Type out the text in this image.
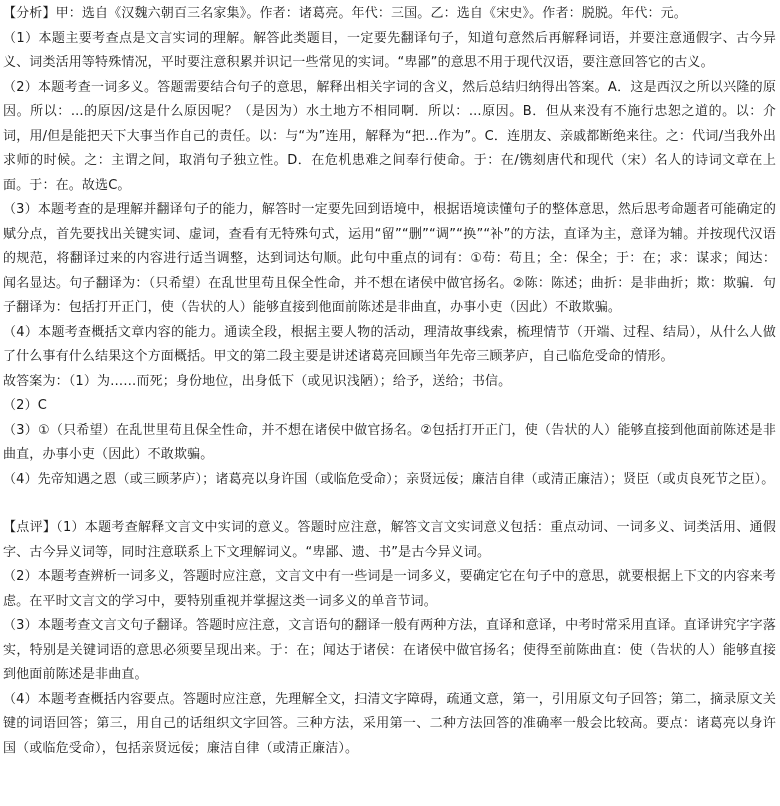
【分析】甲：选自《汉魏六朝百三名家集》。作者：诸葛亮。年代：三国。乙：选自《宋史》。作者：脱脱。年代：元。

（1）本题主要考查点是文言实词的理解。解答此类题目，一定要先翻译句子，知道句意然后再解释词语，并要注意通假字、古今异义、词类活用等特殊情况，平时要注意积累并识记一些常见的实词。“卑鄙”的意思不用于现代汉语，要注意回答它的古义。

（2）本题考查一词多义。答题需要结合句子的意思，解释出相关字词的含义，然后总结归纳得出答案。A．这是西汉之所以兴隆的原因。所以：...的原因/这是什么原因呢？（是因为）水土地方不相同啊．所以：...原因。B．但从来没有不施行忠恕之道的。以：介词，用/但是能把天下大事当作自己的责任。以：与“为”连用，解释为“把...作为”。C．连朋友、亲戚都断绝来往。之：代词/当我外出求师的时候。之：主谓之间，取消句子独立性。D．在危机患难之间奉行使命。于：在/镌刻唐代和现代（宋）名人的诗词文章在上面。于：在。故选C。

（3）本题考查的是理解并翻译句子的能力，解答时一定要先回到语境中，根据语境读懂句子的整体意思，然后思考命题者可能确定的赋分点，首先要找出关键实词、虚词，查看有无特殊句式，运用“留”“删”“调”“换”“补”的方法，直译为主，意译为辅。并按现代汉语的规范，将翻译过来的内容进行适当调整，达到词达句顺。此句中重点的词有：①苟：苟且；全：保全；于：在；求：谋求；闻达：闻名显达。句子翻译为：（只希望）在乱世里苟且保全性命，并不想在诸侯中做官扬名。②陈：陈述；曲折：是非曲折；欺：欺骗．句子翻译为：包括打开正门，使（告状的人）能够直接到他面前陈述是非曲直，办事小吏（因此）不敢欺骗。

（4）本题考查概括文章内容的能力。通读全段，根据主要人物的活动，理清故事线索，梳理情节（开端、过程、结局），从什么人做了什么事有什么结果这个方面概括。甲文的第二段主要是讲述诸葛亮回顾当年先帝三顾茅庐，自己临危受命的情形。

故答案为：（1）为……而死；身份地位，出身低下（或见识浅陋）；给予，送给；书信。

（2）C

（3）①（只希望）在乱世里苟且保全性命，并不想在诸侯中做官扬名。②包括打开正门，使（告状的人）能够直接到他面前陈述是非曲直，办事小吏（因此）不敢欺骗。

（4）先帝知遇之恩（或三顾茅庐）；诸葛亮以身许国（或临危受命）；亲贤远佞；廉洁自律（或清正廉洁）；贤臣（或贞良死节之臣）。

【点评】（1）本题考查解释文言文中实词的意义。答题时应注意，解答文言文实词意义包括：重点动词、一词多义、词类活用、通假字、古今异义词等，同时注意联系上下文理解词义。“卑鄙、遗、书”是古今异义词。

（2）本题考查辨析一词多义，答题时应注意，文言文中有一些词是一词多义，要确定它在句子中的意思，就要根据上下文的内容来考虑。在平时文言文的学习中，要特别重视并掌握这类一词多义的单音节词。

（3）本题考查文言文句子翻译。答题时应注意，文言语句的翻译一般有两种方法，直译和意译，中考时常采用直译。直译讲究字字落实，特别是关键词语的意思必须要呈现出来。于：在；闻达于诸侯：在诸侯中做官扬名；使得至前陈曲直：使（告状的人）能够直接到他面前陈述是非曲直。

（4）本题考查概括内容要点。答题时应注意，先理解全文，扫清文字障碍，疏通文意，第一，引用原文句子回答；第二，摘录原文关键的词语回答；第三，用自己的话组织文字回答。三种方法，采用第一、二种方法回答的准确率一般会比较高。要点：诸葛亮以身许国（或临危受命），包括亲贤远佞；廉洁自律（或清正廉洁）。
